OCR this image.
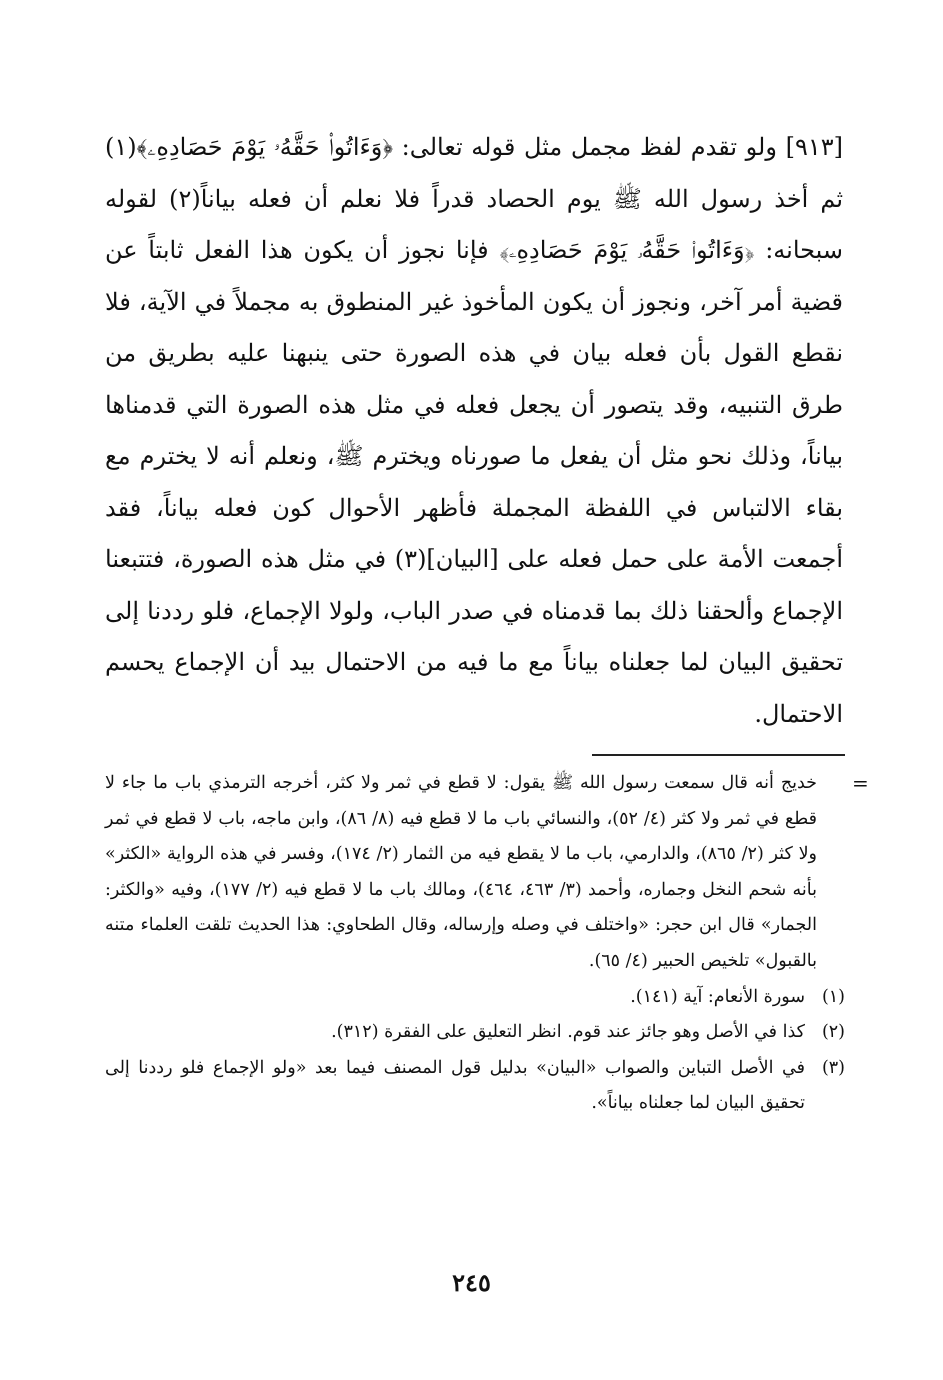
[٩١٣] ولو تقدم لفظ مجمل مثل قوله تعالى: ﴿وَءَاتُوا۟ حَقَّهُۥ يَوْمَ حَصَادِهِۦ﴾(١) ثم أخذ رسول الله ﷺ يوم الحصاد قدراً فلا نعلم أن فعله بياناً(٢) لقوله سبحانه: ﴿وَءَاتُوا۟ حَقَّهُۥ يَوْمَ حَصَادِهِۦ﴾ فإنا نجوز أن يكون هذا الفعل ثابتاً عن قضية أمر آخر، ونجوز أن يكون المأخوذ غير المنطوق به مجملاً في الآية، فلا نقطع القول بأن فعله بيان في هذه الصورة حتى ينبهنا عليه بطريق من طرق التنبيه، وقد يتصور أن يجعل فعله في مثل هذه الصورة التي قدمناها بياناً، وذلك نحو مثل أن يفعل ما صورناه ويخترم ﷺ، ونعلم أنه لا يخترم مع بقاء الالتباس في اللفظة المجملة فأظهر الأحوال كون فعله بياناً، فقد أجمعت الأمة على حمل فعله على [البيان](٣) في مثل هذه الصورة، فتتبعنا الإجماع وألحقنا ذلك بما قدمناه في صدر الباب، ولولا الإجماع، فلو رددنا إلى تحقيق البيان لما جعلناه بياناً مع ما فيه من الاحتمال بيد أن الإجماع يحسم الاحتمال.

=

خديج أنه قال سمعت رسول الله ﷺ يقول: لا قطع في ثمر ولا كثر، أخرجه الترمذي باب ما جاء لا قطع في ثمر ولا كثر (٤/ ٥٢)، والنسائي باب ما لا قطع فيه (٨/ ٨٦)، وابن ماجه، باب لا قطع في ثمر ولا كثر (٢/ ٨٦٥)، والدارمي، باب ما لا يقطع فيه من الثمار (٢/ ١٧٤)، وفسر في هذه الرواية «الكثر» بأنه شحم النخل وجماره، وأحمد (٣/ ٤٦٣، ٤٦٤)، ومالك باب ما لا قطع فيه (٢/ ١٧٧)، وفيه «والكثر: الجمار» قال ابن حجر: «واختلف في وصله وإرساله، وقال الطحاوي: هذا الحديث تلقت العلماء متنه بالقبول» تلخيص الحبير (٤/ ٦٥).

(١)
سورة الأنعام: آية (١٤١).
(٢)
كذا في الأصل وهو جائز عند قوم. انظر التعليق على الفقرة (٣١٢).
(٣)
في الأصل التباين والصواب «البيان» بدليل قول المصنف فيما بعد «ولو الإجماع فلو رددنا إلى تحقيق البيان لما جعلناه بياناً».
٢٤٥
